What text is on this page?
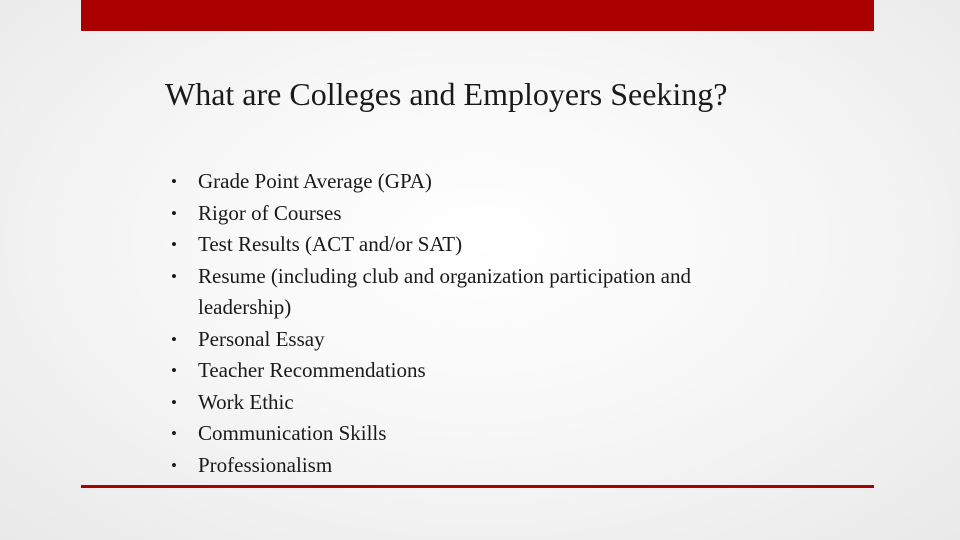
What are Colleges and Employers Seeking?
• Grade Point Average (GPA)
• Rigor of Courses
• Test Results (ACT and/or SAT)
• Resume (including club and organization participation and leadership)
• Personal Essay
• Teacher Recommendations
• Work Ethic
• Communication Skills
• Professionalism
